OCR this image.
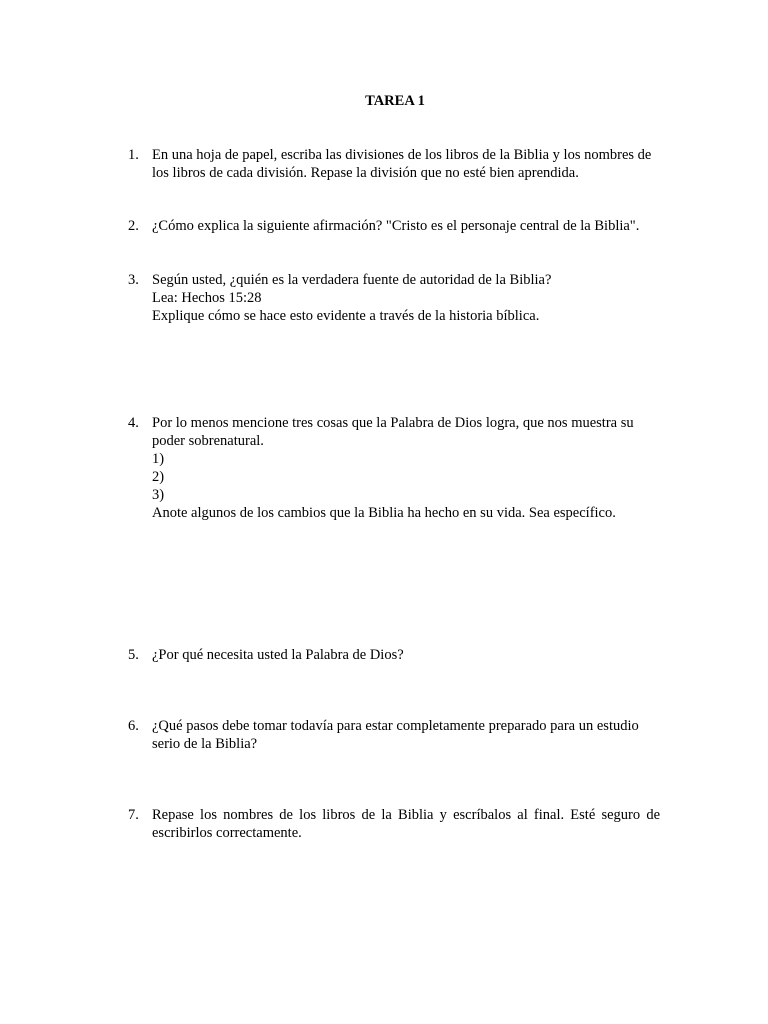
TAREA 1
1. En una hoja de papel, escriba las divisiones de los libros de la Biblia y los nombres de los libros de cada división. Repase la división que no esté bien aprendida.

2. ¿Cómo explica la siguiente afirmación? "Cristo es el personaje central de la Biblia".

3. Según usted, ¿quién es la verdadera fuente de autoridad de la Biblia?

Lea: Hechos 15:28

Explique cómo se hace esto evidente a través de la historia bíblica.

4. Por lo menos mencione tres cosas que la Palabra de Dios logra, que nos muestra su poder sobrenatural.

1)

2)

3)

Anote algunos de los cambios que la Biblia ha hecho en su vida. Sea específico.

5. ¿Por qué necesita usted la Palabra de Dios?

6. ¿Qué pasos debe tomar todavía para estar completamente preparado para un estudio serio de la Biblia?

7. Repase los nombres de los libros de la Biblia y escríbalos al final. Esté seguro de escribirlos correctamente.
